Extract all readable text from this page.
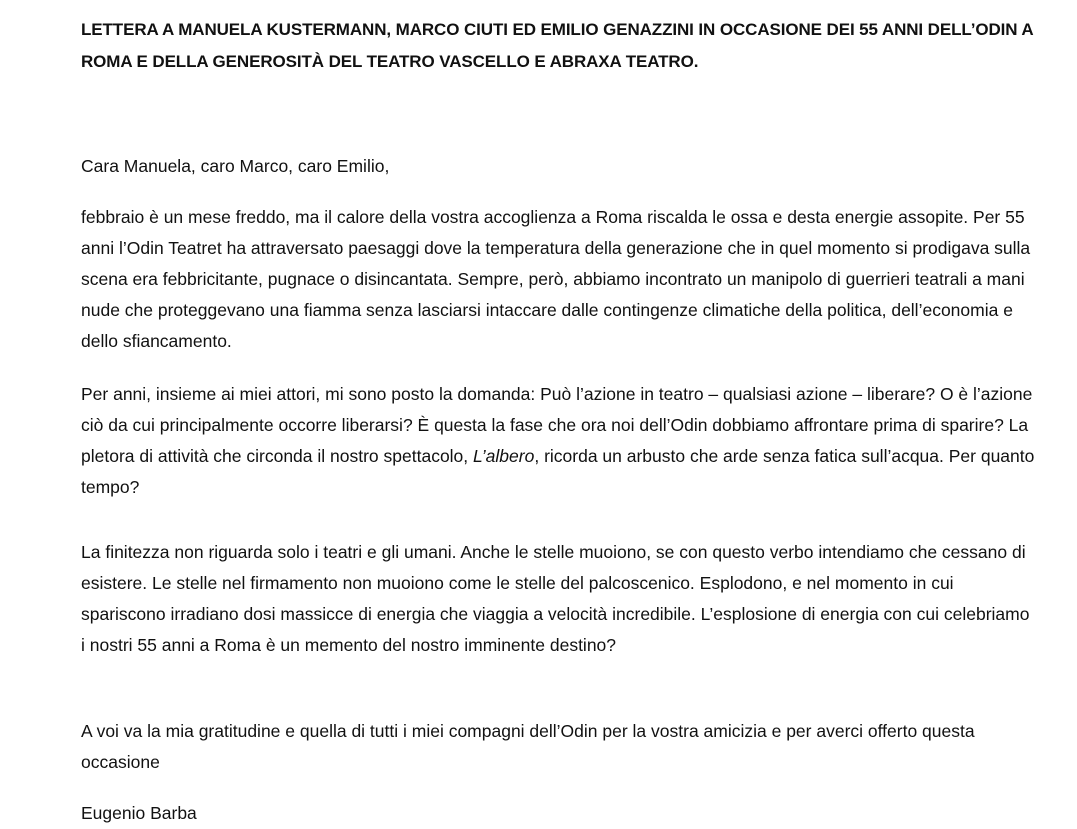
LETTERA A MANUELA KUSTERMANN, MARCO CIUTI ED EMILIO GENAZZINI IN OCCASIONE DEI 55 ANNI DELL’ODIN A ROMA E DELLA GENEROSITÀ DEL TEATRO VASCELLO E ABRAXA TEATRO.

Cara Manuela, caro Marco, caro Emilio,

febbraio è un mese freddo, ma il calore della vostra accoglienza a Roma riscalda le ossa e desta energie assopite. Per 55 anni l’Odin Teatret ha attraversato paesaggi dove la temperatura della generazione che in quel momento si prodigava sulla scena era febbricitante, pugnace o disincantata. Sempre, però, abbiamo incontrato un manipolo di guerrieri teatrali a mani nude che proteggevano una fiamma senza lasciarsi intaccare dalle contingenze climatiche della politica, dell’economia e dello sfiancamento.

Per anni, insieme ai miei attori, mi sono posto la domanda: Può l’azione in teatro – qualsiasi azione – liberare? O è l’azione ciò da cui principalmente occorre liberarsi? È questa la fase che ora noi dell’Odin dobbiamo affrontare prima di sparire? La pletora di attività che circonda il nostro spettacolo, L’albero, ricorda un arbusto che arde senza fatica sull’acqua. Per quanto tempo?

La finitezza non riguarda solo i teatri e gli umani. Anche le stelle muoiono, se con questo verbo intendiamo che cessano di esistere. Le stelle nel firmamento non muoiono come le stelle del palcoscenico. Esplodono, e nel momento in cui spariscono irradiano dosi massicce di energia che viaggia a velocità incredibile. L’esplosione di energia con cui celebriamo i nostri 55 anni a Roma è un memento del nostro imminente destino?

A voi va la mia gratitudine e quella di tutti i miei compagni dell’Odin per la vostra amicizia e per averci offerto questa occasione

Eugenio Barba
